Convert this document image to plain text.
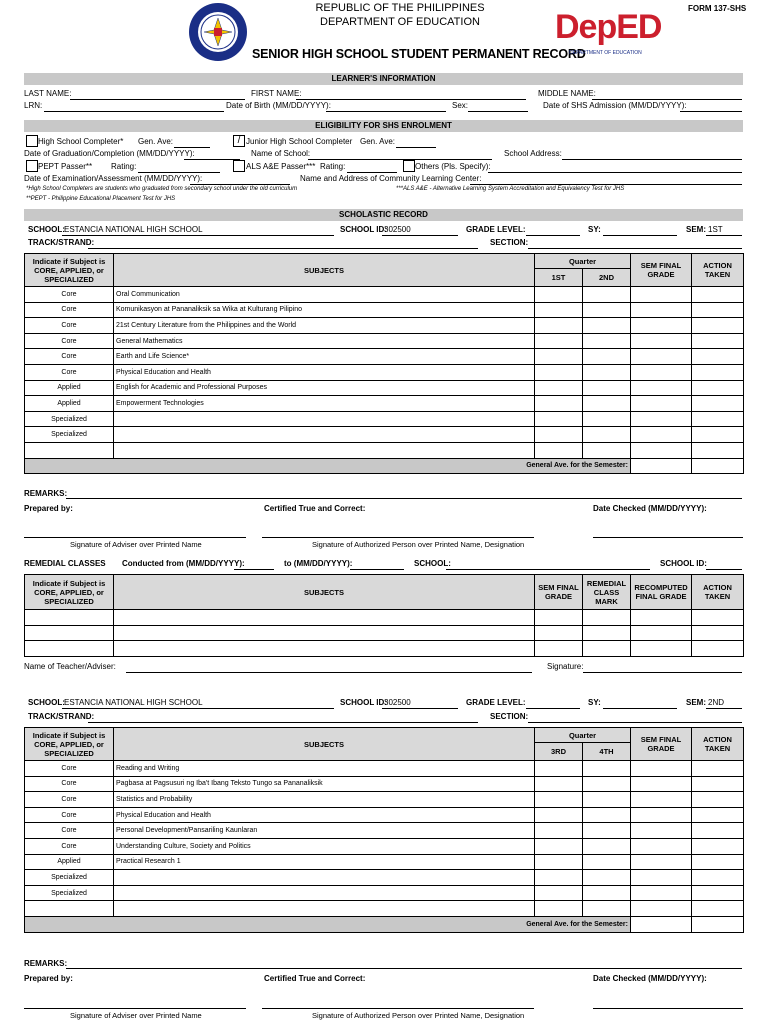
REPUBLIC OF THE PHILIPPINES
DEPARTMENT OF EDUCATION
SENIOR HIGH SCHOOL STUDENT PERMANENT RECORD
FORM 137-SHS
DepED
DEPARTMENT OF EDUCATION
LEARNER'S INFORMATION
LAST NAME:	FIRST NAME:	MIDDLE NAME:
LRN:	Date of Birth (MM/DD/YYYY):	Sex:	Date of SHS Admission (MM/DD/YYYY):
ELIGIBILITY FOR SHS ENROLMENT
High School Completer* Gen. Ave:	/ Junior High School Completer Gen. Ave:
Date of Graduation/Completion (MM/DD/YYYY):	Name of School:	School Address:
PEPT Passer** Rating:	ALS A&E Passer*** Rating:	Others (Pls. Specify):
Date of Examination/Assessment (MM/DD/YYYY):	Name and Address of Community Learning Center:
*High School Completers are students who graduated from secondary school under the old curriculum	***ALS A&E - Alternative Learning System Accreditation and Equivalency Test for JHS
**PEPT - Philippine Educational Placement Test for JHS
SCHOLASTIC RECORD
SCHOOL: ESTANCIA NATIONAL HIGH SCHOOL	SCHOOL ID:
302500	GRADE LEVEL:	SY:	SEM: 1ST
TRACK/STRAND:	SECTION:
Indicate if Subject is CORE, APPLIED, or SPECIALIZED	SUBJECTS	Quarter		SEM FINAL GRADE	ACTION TAKEN
		1ST	2ND		
Core	Oral Communication				
Core	Komunikasyon at Pananaliksik sa Wika at Kulturang Pilipino				
Core	21st Century Literature from the Philippines and the World				
Core	General Mathematics				
Core	Earth and Life Science*				
Core	Physical Education and Health				
Applied	English for Academic and Professional Purposes				
Applied	Empowerment Technologies				
Specialized					
Specialized					

General Ave. for the Semester:					
REMARKS:
Prepared by:	Certified True and Correct:	Date Checked (MM/DD/YYYY):
Signature of Adviser over Printed Name	Signature of Authorized Person over Printed Name, Designation
REMEDIAL CLASSES Conducted from (MM/DD/YYYY):	to (MM/DD/YYYY):	SCHOOL:	SCHOOL ID:
Indicate if Subject is CORE, APPLIED, or SPECIALIZED	SUBJECTS	SEM FINAL GRADE	REMEDIAL CLASS MARK	RECOMPUTED FINAL GRADE	ACTION TAKEN

Name of Teacher/Adviser:	Signature:
SCHOOL: ESTANCIA NATIONAL HIGH SCHOOL	SCHOOL ID:
302500	GRADE LEVEL:	SY:	SEM: 2ND
TRACK/STRAND:	SECTION:
Indicate if Subject is CORE, APPLIED, or SPECIALIZED	SUBJECTS	Quarter		SEM FINAL GRADE	ACTION TAKEN
		3RD	4TH		
Core	Reading and Writing				
Core	Pagbasa at Pagsusuri ng Iba't Ibang Teksto Tungo sa Pananaliksik				
Core	Statistics and Probability				
Core	Physical Education and Health				
Core	Personal Development/Pansariling Kaunlaran				
Core	Understanding Culture, Society and Politics				
Applied	Practical Research 1				
Specialized					
Specialized					

General Ave. for the Semester:					
REMARKS:
Prepared by:	Certified True and Correct:	Date Checked (MM/DD/YYYY):
Signature of Adviser over Printed Name	Signature of Authorized Person over Printed Name, Designation
